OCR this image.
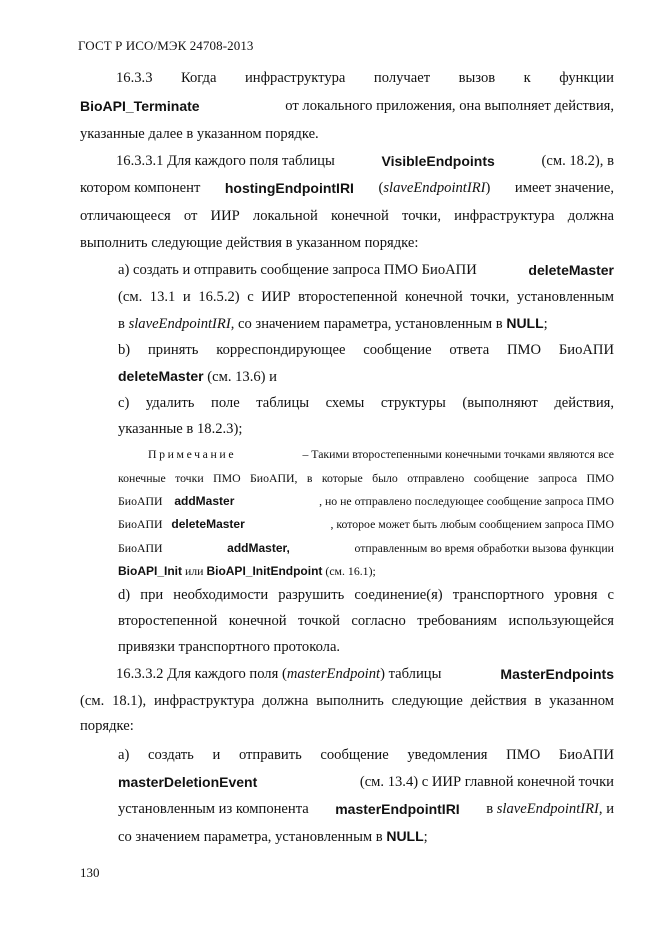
ГОСТ Р ИСО/МЭК 24708-2013
16.3.3 Когда инфраструктура получает вызов к функции
BioAPI_Terminate	от локального приложения, она выполняет действия,
указанные далее в указанном порядке.
16.3.3.1 Для каждого поля таблицы	VisibleEndpoints	(см. 18.2), в
котором компонент hostingEndpointIRI (slaveEndpointIRI) имеет значение,
отличающееся от ИИР локальной конечной точки, инфраструктура должна
выполнить следующие действия в указанном порядке:
а) создать и отправить сообщение запроса ПМО БиоАПИ	deleteMaster
(см. 13.1 и 16.5.2) с ИИР второстепенной конечной точки, установленным
в slaveEndpointIRI, со значением параметра, установленным в NULL;
b) принять корреспондирующее сообщение ответа ПМО БиоАПИ
deleteMaster (см. 13.6) и
c) удалить поле таблицы схемы структуры (выполняют действия,
указанные в 18.2.3);
Примечание	– Такими второстепенными конечными точками являются все
конечные точки ПМО БиоАПИ, в которые было отправлено сообщение запроса ПМО
БиоАПИ addMaster	, но не отправлено последующее сообщение запроса ПМО
БиоАПИ deleteMaster	, которое может быть любым сообщением запроса ПМО
БиоАПИ	addMaster,	отправленным во время обработки вызова функции
BioAPI_Init или BioAPI_InitEndpoint (см. 16.1);
d) при необходимости разрушить соединение(я) транспортного уровня с
второстепенной конечной точкой согласно требованиям использующейся
привязки транспортного протокола.
16.3.3.2 Для каждого поля (masterEndpoint) таблицы	MasterEndpoints
(см. 18.1), инфраструктура должна выполнить следующие действия в указанном
порядке:
а) создать и отправить сообщение уведомления ПМО БиоАПИ
masterDeletionEvent	(см. 13.4) с ИИР главной конечной точки
установленным из компонента masterEndpointIRI в slaveEndpointIRI, и
со значением параметра, установленным в NULL;
130
